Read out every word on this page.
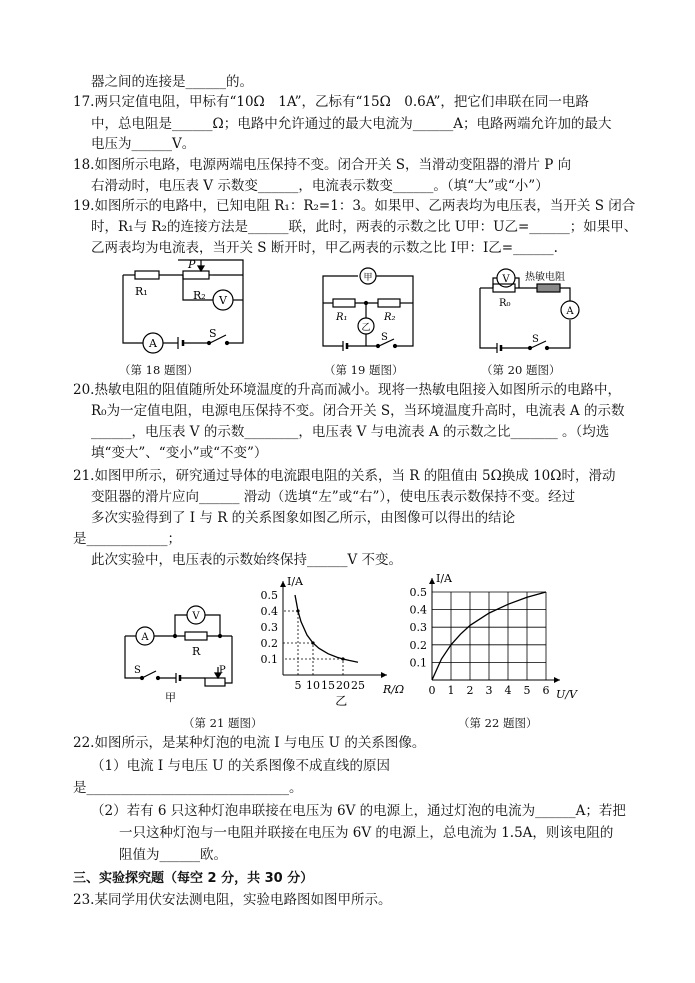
器之间的连接是______的。
17.两只定值电阻，甲标有“10Ω　1A”，乙标有“15Ω　0.6A”，把它们串联在同一电路
中，总电阻是______Ω；电路中允许通过的最大电流为______A；电路两端允许加的最大
电压为______V。
18.如图所示电路，电源两端电压保持不变。闭合开关 S，当滑动变阻器的滑片 P 向
右滑动时，电压表 V 示数变______，电流表示数变______。（填“大”或“小”）
19.如图所示的电路中，已知电阻 R₁：R₂=1：3。如果甲、乙两表均为电压表，当开关 S 闭合
时，R₁与 R₂的连接方法是______联，此时，两表的示数之比 U甲：U乙=______；如果甲、
乙两表均为电流表，当开关 S 断开时，甲乙两表的示数之比 I甲：I乙=______.
A
S
R₁	R₂
P
V
（第 18 题图）
甲
R₁	R₂
乙
S
（第 19 题图）
S
A
R₀
V 热敏电阻
（第 20 题图）
20.热敏电阻的阻值随所处环境温度的升高而减小。现将一热敏电阻接入如图所示的电路中，
R₀为一定值电阻，电源电压保持不变。闭合开关 S，当环境温度升高时，电流表 A 的示数
______，电压表 V 的示数________，电压表 V 与电流表 A 的示数之比_______ 。（均选
填“变大”、“变小”或“不变”）
21.如图甲所示，研究通过导体的电流跟电阻的关系，当 R 的阻值由 5Ω换成 10Ω时，滑动
变阻器的滑片应向______ 滑动（选填“左”或“右”），使电压表示数保持不变。经过
多次实验得到了 I 与 R 的关系图象如图乙所示，由图像可以得出的结论
是____________；
此次实验中，电压表的示数始终保持______V 不变。
A
R
V
S	P
甲
5 10 15 20 25
0.1
0.2
0.3
0.4
0.5
I/A
R/Ω
乙
0 1 2 3 4 5 6
0.1
0.2
0.3
0.4
0.5
I/A
U/V
（第 21 题图）	（第 22 题图）
22.如图所示，是某种灯泡的电流 I 与电压 U 的关系图像。
（1）电流 I 与电压 U 的关系图像不成直线的原因
是______________________________。
（2）若有 6 只这种灯泡串联接在电压为 6V 的电源上，通过灯泡的电流为______A；若把
一只这种灯泡与一电阻并联接在电压为 6V 的电源上，总电流为 1.5A，则该电阻的
阻值为______欧。
三、实验探究题（每空 2 分，共 30 分）
23.某同学用伏安法测电阻，实验电路图如图甲所示。
